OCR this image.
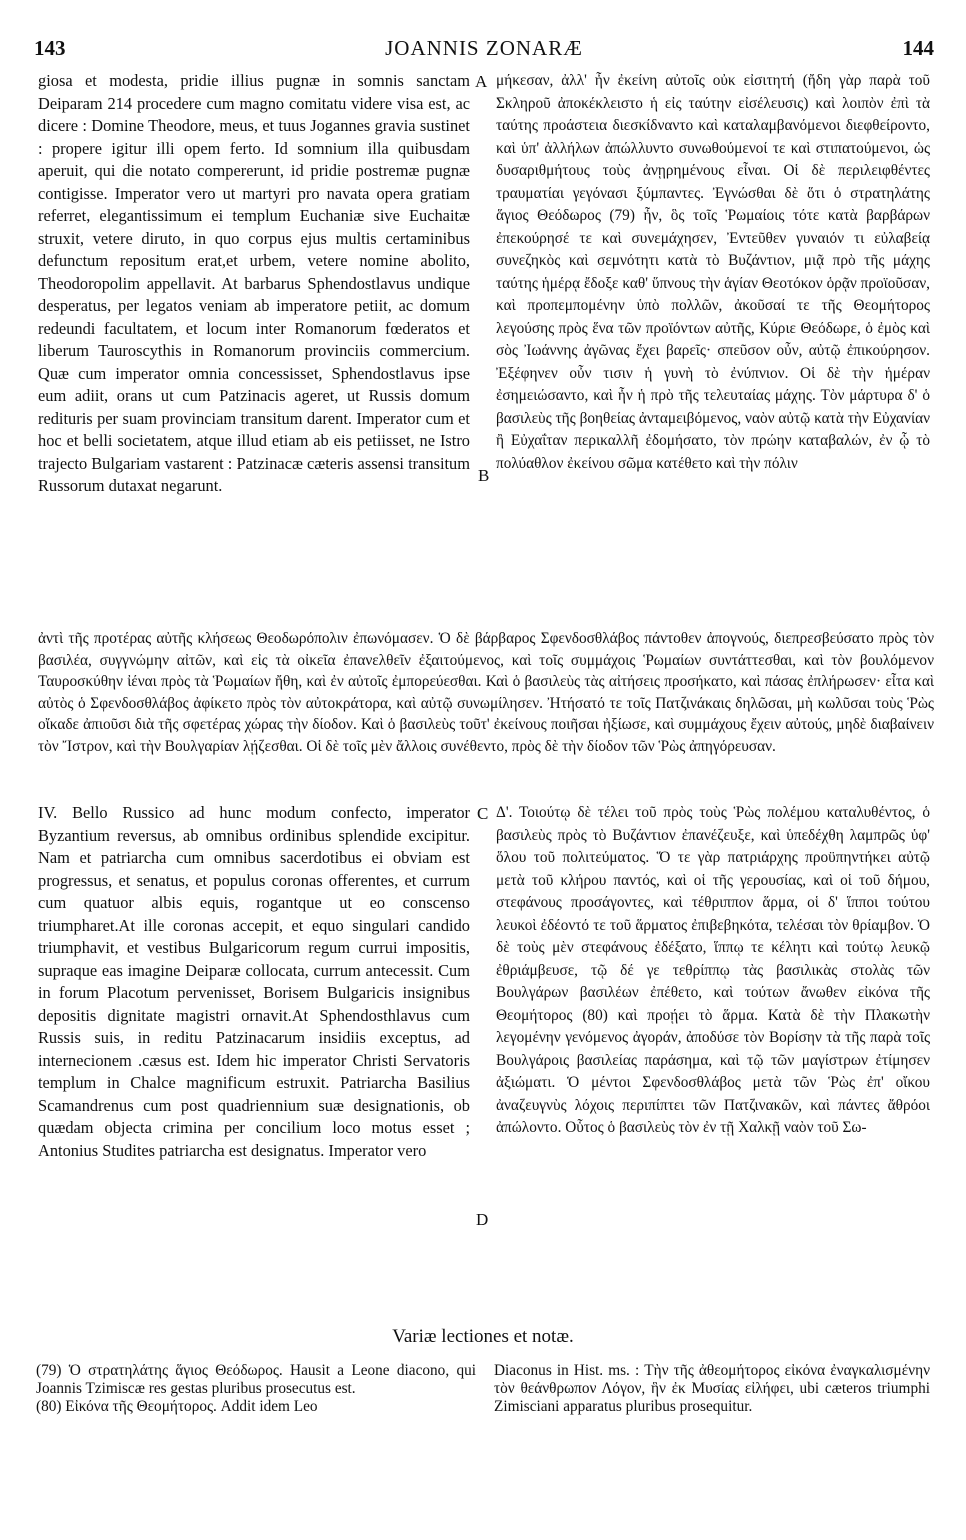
143	JOANNIS ZONARÆ	144

giosa et modesta, pridie illius pugnæ in somnis sanctam Deiparam 214 procedere cum magno comitatu videre visa est, ac dicere : Domine Theodore, meus, et tuus Jogannes gravia sustinet : propere igitur illi opem ferto. Id somnium illa quibusdam aperuit, qui die notato compererunt, id pridie postremæ pugnæ contigisse. Imperator vero ut martyri pro navata opera gratiam referret, elegantissimum ei templum Euchaniæ sive Euchaitæ struxit, vetere diruto, in quo corpus ejus multis certaminibus defunctum repositum erat,et urbem, vetere nomine abolito, Theodoropolim appellavit. At barbarus Sphendostlavus undique desperatus, per legatos veniam ab imperatore petiit, ac domum redeundi facultatem, et locum inter Romanorum fœderatos et liberum Tauroscythis in Romanorum provinciis commercium. Quæ cum imperator omnia concessisset, Sphendostlavus ipse eum adiit, orans ut cum Patzinacis ageret, ut Russis domum redituris per suam provinciam transitum darent. Imperator cum et hoc et belli societatem, atque illud etiam ab eis petiisset, ne Istro trajecto Bulgariam vastarent : Patzinacæ cæteris assensi transitum Russorum dutaxat negarunt.

A
B

μήκεσαν, ἀλλ' ἦν ἐκείνη αὐτοῖς οὐκ εἰσιτητή (ἤδη γὰρ παρὰ τοῦ Σκληροῦ ἀποκέκλειστο ἡ εἰς ταύτην εἰσέλευσις) καὶ λοιπὸν ἐπὶ τὰ ταύτης προάστεια διεσκίδναντο καὶ καταλαμβανόμενοι διεφθείροντο, καὶ ὑπ' ἀλλήλων ἀπώλλυντο συνωθούμενοί τε καὶ στιπατούμενοι, ὡς δυσαριθμήτους τοὺς ἀνῃρημένους εἶναι. Οἱ δὲ περιλειφθέντες τραυματίαι γεγόνασι ξύμπαντες. Ἐγνώσθαι δὲ ὅτι ὁ στρατηλάτης ἅγιος Θεόδωρος (79) ἦν, ὃς τοῖς Ῥωμαίοις τότε κατὰ βαρβάρων ἐπεκούρησέ τε καὶ συνεμάχησεν, Ἐντεῦθεν γυναιόν τι εὐλαβείᾳ συνεζηκὸς καὶ σεμνότητι κατὰ τὸ Βυζάντιον, μιᾷ πρὸ τῆς μάχης ταύτης ἡμέρᾳ ἔδοξε καθ' ὕπνους τὴν ἁγίαν Θεοτόκον ὁρᾷν προϊοῦσαν, καὶ προπεμπομένην ὑπὸ πολλῶν, ἀκοῦσαί τε τῆς Θεομήτορος λεγούσης πρὸς ἕνα τῶν προϊόντων αὐτῆς, Κύριε Θεόδωρε, ὁ ἐμὸς καὶ σὸς Ἰωάννης ἀγῶνας ἔχει βαρεῖς· σπεῦσον οὖν, αὐτῷ ἐπικούρησον. Ἐξέφηνεν οὖν τισιν ἡ γυνὴ τὸ ἐνύπνιον. Οἱ δὲ τὴν ἡμέραν ἐσημειώσαντο, καὶ ἦν ἡ πρὸ τῆς τελευταίας μάχης. Τὸν μάρτυρα δ' ὁ βασιλεὺς τῆς βοηθείας ἀνταμειβόμενος, ναὸν αὐτῷ κατὰ τὴν Εὐχανίαν ἢ Εὐχαΐταν περικαλλῆ ἐδομήσατο, τὸν πρώην καταβαλών, ἐν ᾧ τὸ πολύαθλον ἐκείνου σῶμα κατέθετο καὶ τὴν πόλιν

ἀντὶ τῆς προτέρας αὐτῆς κλήσεως Θεοδωρόπολιν ἐπωνόμασεν. Ὁ δὲ βάρβαρος Σφενδοσθλάβος πάντοθεν ἀπογνούς, διεπρεσβεύσατο πρὸς τὸν βασιλέα, συγγνώμην αἰτῶν, καὶ εἰς τὰ οἰκεῖα ἐπανελθεῖν ἐξαιτούμενος, καὶ τοῖς συμμάχοις Ῥωμαίων συντάττεσθαι, καὶ τὸν βουλόμενον Ταυροσκύθην ἰέναι πρὸς τὰ Ῥωμαίων ἤθη, καὶ ἐν αὐτοῖς ἐμπορεύεσθαι. Καὶ ὁ βασιλεὺς τὰς αἰτήσεις προσήκατο, καὶ πάσας ἐπλήρωσεν· εἶτα καὶ αὐτὸς ὁ Σφενδοσθλάβος ἀφίκετο πρὸς τὸν αὐτοκράτορα, καὶ αὐτῷ συνωμίλησεν. Ἠτήσατό τε τοῖς Πατζινάκαις δηλῶσαι, μὴ κωλῦσαι τοὺς Ῥὼς οἴκαδε ἀπιοῦσι διὰ τῆς σφετέρας χώρας τὴν δίοδον. Καὶ ὁ βασιλεὺς τοῦτ' ἐκείνους ποιῆσαι ἠξίωσε, καὶ συμμάχους ἔχειν αὐτούς, μηδὲ διαβαίνειν τὸν Ἴστρον, καὶ τὴν Βουλγαρίαν λῄζεσθαι. Οἱ δὲ τοῖς μὲν ἄλλοις συνέθεντο, πρὸς δὲ τὴν δίοδον τῶν Ῥὼς ἀπηγόρευσαν.

IV. Bello Russico ad hunc modum confecto, imperator Byzantium reversus, ab omnibus ordinibus splendide excipitur. Nam et patriarcha cum omnibus sacerdotibus ei obviam est progressus, et senatus, et populus coronas offerentes, et currum cum quatuor albis equis, rogantque ut eo conscenso triumpharet.At ille coronas accepit, et equo singulari candido triumphavit, et vestibus Bulgaricorum regum currui impositis, supraque eas imagine Deiparæ collocata, currum antecessit. Cum in forum Placotum pervenisset, Borisem Bulgaricis insignibus depositis dignitate magistri ornavit.At Sphendosthlavus cum Russis suis, in reditu Patzinacarum insidiis exceptus, ad internecionem .cæsus est. Idem hic imperator Christi Servatoris templum in Chalce magnificum estruxit. Patriarcha Basilius Scamandrenus cum post quadriennium suæ designationis, ob quædam objecta crimina per concilium loco motus esset ; Antonius Studites patriarcha est designatus. Imperator vero

C
D

Δ'. Τοιούτῳ δὲ τέλει τοῦ πρὸς τοὺς Ῥὼς πολέμου καταλυθέντος, ὁ βασιλεὺς πρὸς τὸ Βυζάντιον ἐπανέζευξε, καὶ ὑπεδέχθη λαμπρῶς ὑφ' ὅλου τοῦ πολιτεύματος. Ὅ τε γὰρ πατριάρχης προϋπηντήκει αὐτῷ μετὰ τοῦ κλήρου παντός, καὶ οἱ τῆς γερουσίας, καὶ οἱ τοῦ δήμου, στεφάνους προσάγοντες, καὶ τέθριππον ἅρμα, οἱ δ' ἵπποι τούτου λευκοὶ ἐδέοντό τε τοῦ ἅρματος ἐπιβεβηκότα, τελέσαι τὸν θρίαμβον. Ὁ δὲ τοὺς μὲν στεφάνους ἐδέξατο, ἵππῳ τε κέλητι καὶ τούτῳ λευκῷ ἐθριάμβευσε, τῷ δέ γε τεθρίππῳ τὰς βασιλικὰς στολὰς τῶν Βουλγάρων βασιλέων ἐπέθετο, καὶ τούτων ἄνωθεν εἰκόνα τῆς Θεομήτορος (80) καὶ προῄει τὸ ἅρμα. Κατὰ δὲ τὴν Πλακωτὴν λεγομένην γενόμενος ἀγοράν, ἀποδύσε τὸν Βορίσην τὰ τῆς παρὰ τοῖς Βουλγάροις βασιλείας παράσημα, καὶ τῷ τῶν μαγίστρων ἐτίμησεν ἀξιώματι. Ὁ μέντοι Σφενδοσθλάβος μετὰ τῶν Ῥὼς ἐπ' οἴκου ἀναζευγνὺς λόχοις περιπίπτει τῶν Πατζινακῶν, καὶ πάντες ἄθρόοι ἀπώλοντο. Οὗτος ὁ βασιλεὺς τὸν ἐν τῇ Χαλκῇ ναὸν τοῦ Σω-

Variæ lectiones et notæ.

(79) Ὁ στρατηλάτης ἅγιος Θεόδωρος. Hausit a Leone diacono, qui Joannis Tzimiscæ res gestas pluribus prosecutus est.

(80) Εἰκόνα τῆς Θεομήτορος. Addit idem Leo

Diaconus in Hist. ms. : Τὴν τῆς ἀθεομήτορος εἰκόνα ἐναγκαλισμένην τὸν θεάνθρωπον Λόγον, ἣν ἐκ Μυσίας εἰλήφει, ubi cæteros triumphi Zimisciani apparatus pluribus prosequitur.
